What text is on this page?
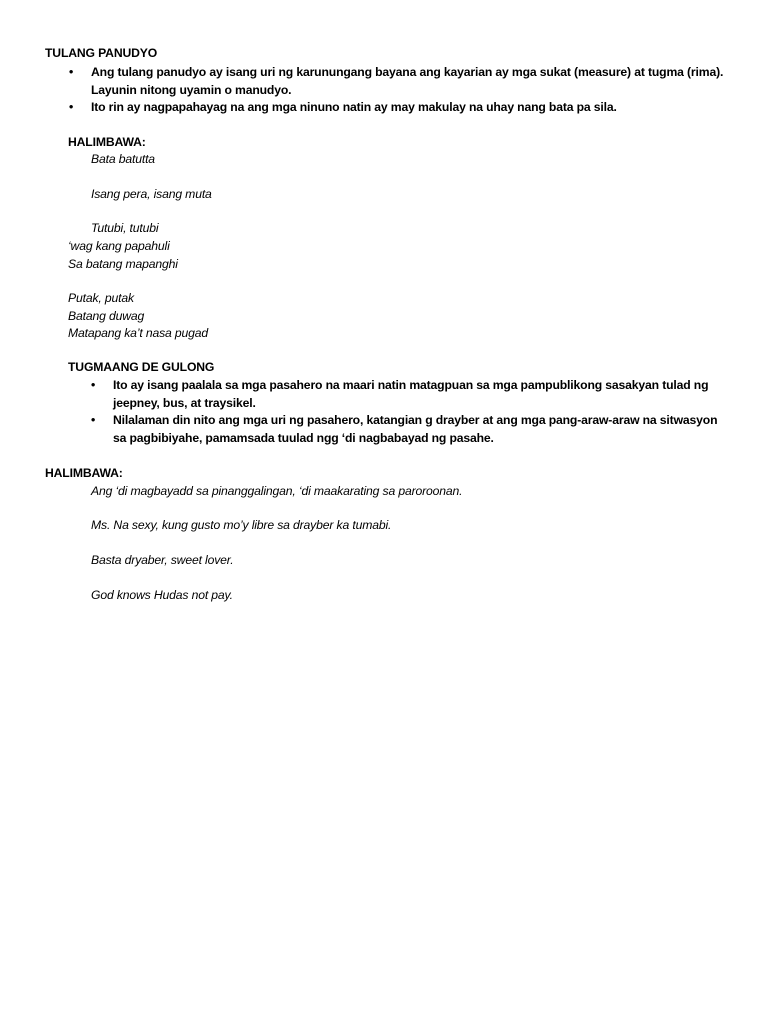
TULANG PANUDYO
• Ang tulang panudyo ay isang uri ng karunungang bayana ang kayarian ay mga sukat (measure) at tugma (rima). Layunin nitong uyamin o manudyo.
• Ito rin ay nagpapahayag na ang mga ninuno natin ay may makulay na uhay nang bata pa sila.
HALIMBAWA:
Bata batutta
Isang pera, isang muta
Tutubi, tutubi
‘wag kang papahuli
Sa batang mapanghi
Putak, putak
Batang duwag
Matapang ka’t nasa pugad
TUGMAANG DE GULONG
• Ito ay isang paalala sa mga pasahero na maari natin matagpuan sa mga pampublikong sasakyan tulad ng jeepney, bus, at traysikel.
• Nilalaman din nito ang mga uri ng pasahero, katangian g drayber at ang mga pang-araw-araw na sitwasyon sa pagbibiyahe, pamamsada tuulad ngg ‘di nagbabayad ng pasahe.
HALIMBAWA:
Ang ‘di magbayadd sa pinanggalingan, ‘di maakarating sa paroroonan.
Ms. Na sexy, kung gusto mo’y libre sa drayber ka tumabi.
Basta dryaber, sweet lover.
God knows Hudas not pay.
